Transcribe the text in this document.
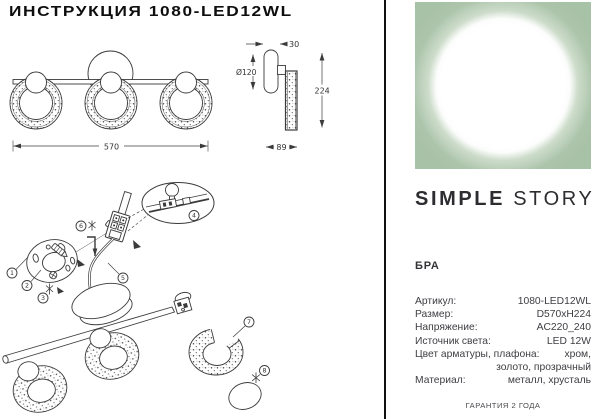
ИНСТРУКЦИЯ 1080-LED12WL
570
30
Ø120
224
89
1
2
3
4
5
6
7
8
SIMPLE STORY
БРА
Артикул:	1080-LED12WL
Размер:	D570xH224
Напряжение:	AC220_240
Источник света:	LED 12W
Цвет арматуры, плафона: хром,
золото, прозрачный
Материал:	металл, хрусталь
ГАРАНТИЯ 2 ГОДА
